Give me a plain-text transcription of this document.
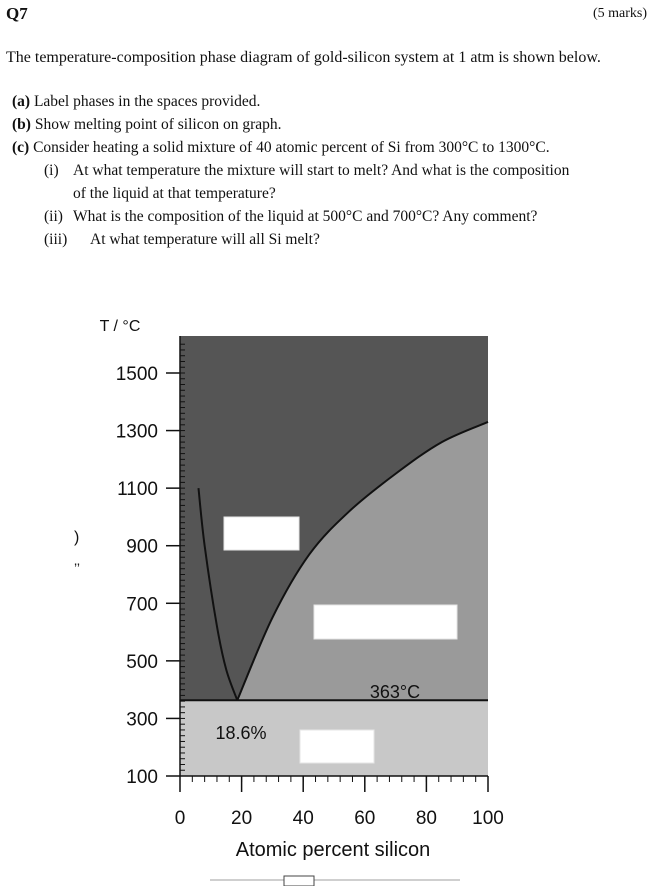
Q7	(5 marks)
The temperature-composition phase diagram of gold-silicon system at 1 atm is shown below.
(a) Label phases in the spaces provided.
(b) Show melting point of silicon on graph.
(c) Consider heating a solid mixture of 40 atomic percent of Si from 300°C to 1300°C.
(i) At what temperature the mixture will start to melt? And what is the composition
of the liquid at that temperature?
(ii) What is the composition of the liquid at 500°C and 700°C? Any comment?
(iii) At what temperature will all Si melt?
1500
1300
1100
900
700
500
300
100
0 20 40 60 80 100
T / °C
Atomic percent silicon
363°C
18.6%
)
’’
